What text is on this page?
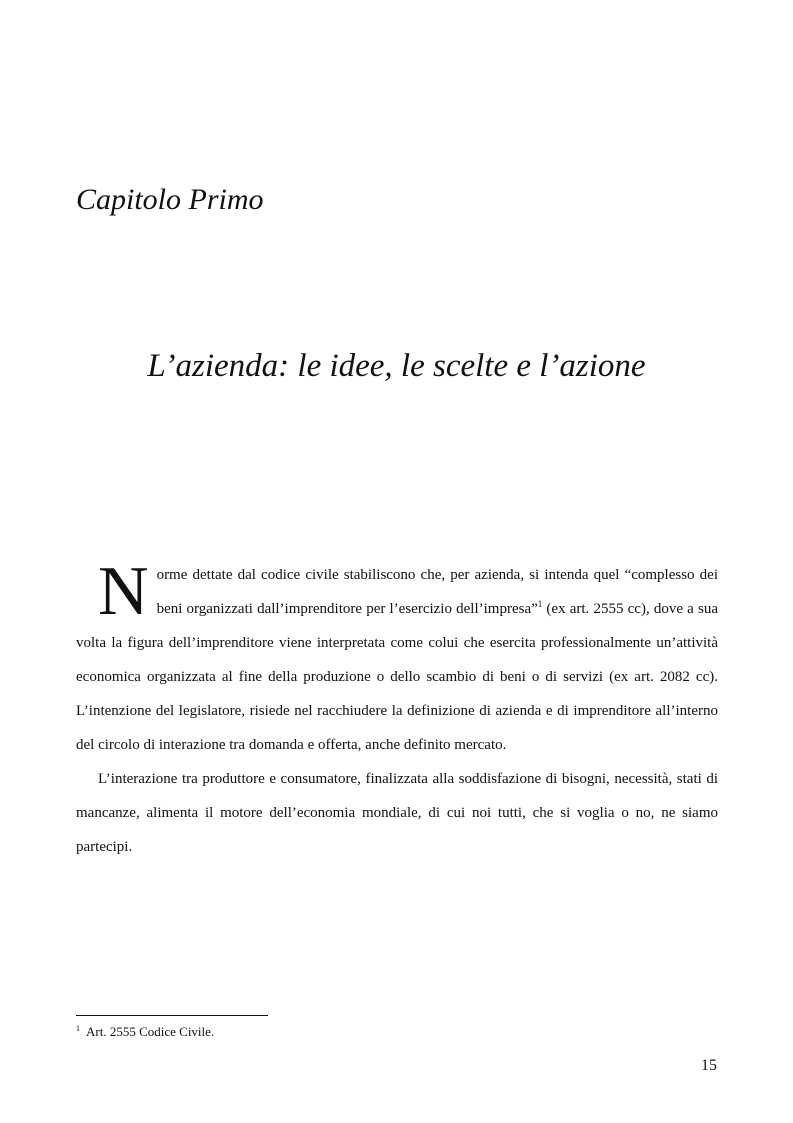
Capitolo Primo
L’azienda: le idee, le scelte e l’azione

Norme dettate dal codice civile stabiliscono che, per azienda, si intenda quel “complesso dei beni organizzati dall’imprenditore per l’esercizio dell’impresa”$^1$ (ex art. 2555 cc), dove a sua volta la figura dell’imprenditore viene interpretata come colui che esercita professionalmente un’attività economica organizzata al fine della produzione o dello scambio di beni o di servizi (ex art. 2082 cc). L’intenzione del legislatore, risiede nel racchiudere la definizione di azienda e di imprenditore all’interno del circolo di interazione tra domanda e offerta, anche definito mercato.

L’interazione tra produttore e consumatore, finalizzata alla soddisfazione di bisogni, necessità, stati di mancanze, alimenta il motore dell’economia mondiale, di cui noi tutti, che si voglia o no, ne siamo partecipi.

$^1$ Art. 2555 Codice Civile.
15
